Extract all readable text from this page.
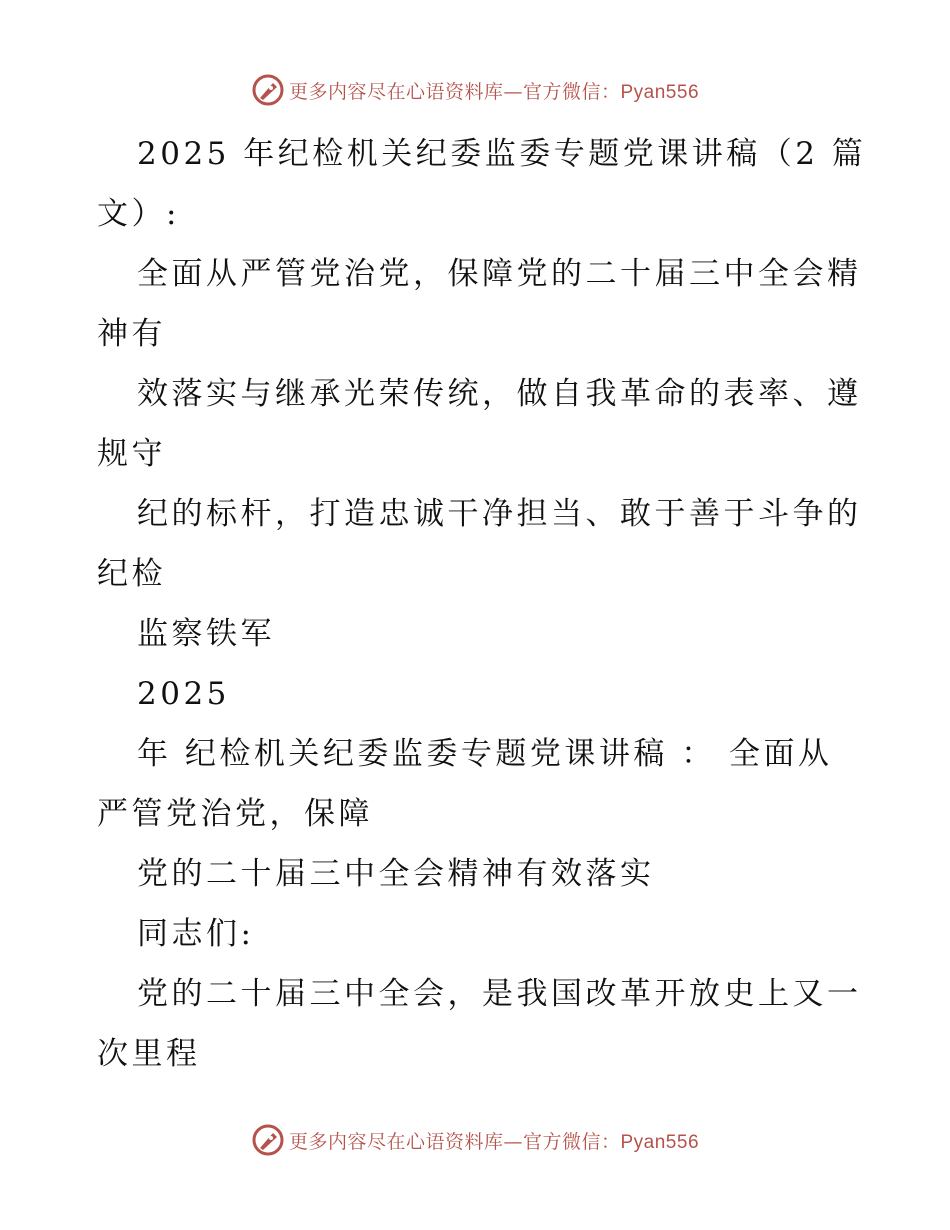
更多内容尽在心语资料库—官方微信：Pyan556
2025 年纪检机关纪委监委专题党课讲稿（2 篇
文）:
全面从严管党治党，保障党的二十届三中全会精
神有
效落实与继承光荣传统，做自我革命的表率、遵
规守
纪的标杆，打造忠诚干净担当、敢于善于斗争的
纪检
监察铁军
2025
年 纪检机关纪委监委专题党课讲稿 ： 全面从
严管党治党，保障
党的二十届三中全会精神有效落实
同志们:
党的二十届三中全会，是我国改革开放史上又一
次里程
更多内容尽在心语资料库—官方微信：Pyan556
